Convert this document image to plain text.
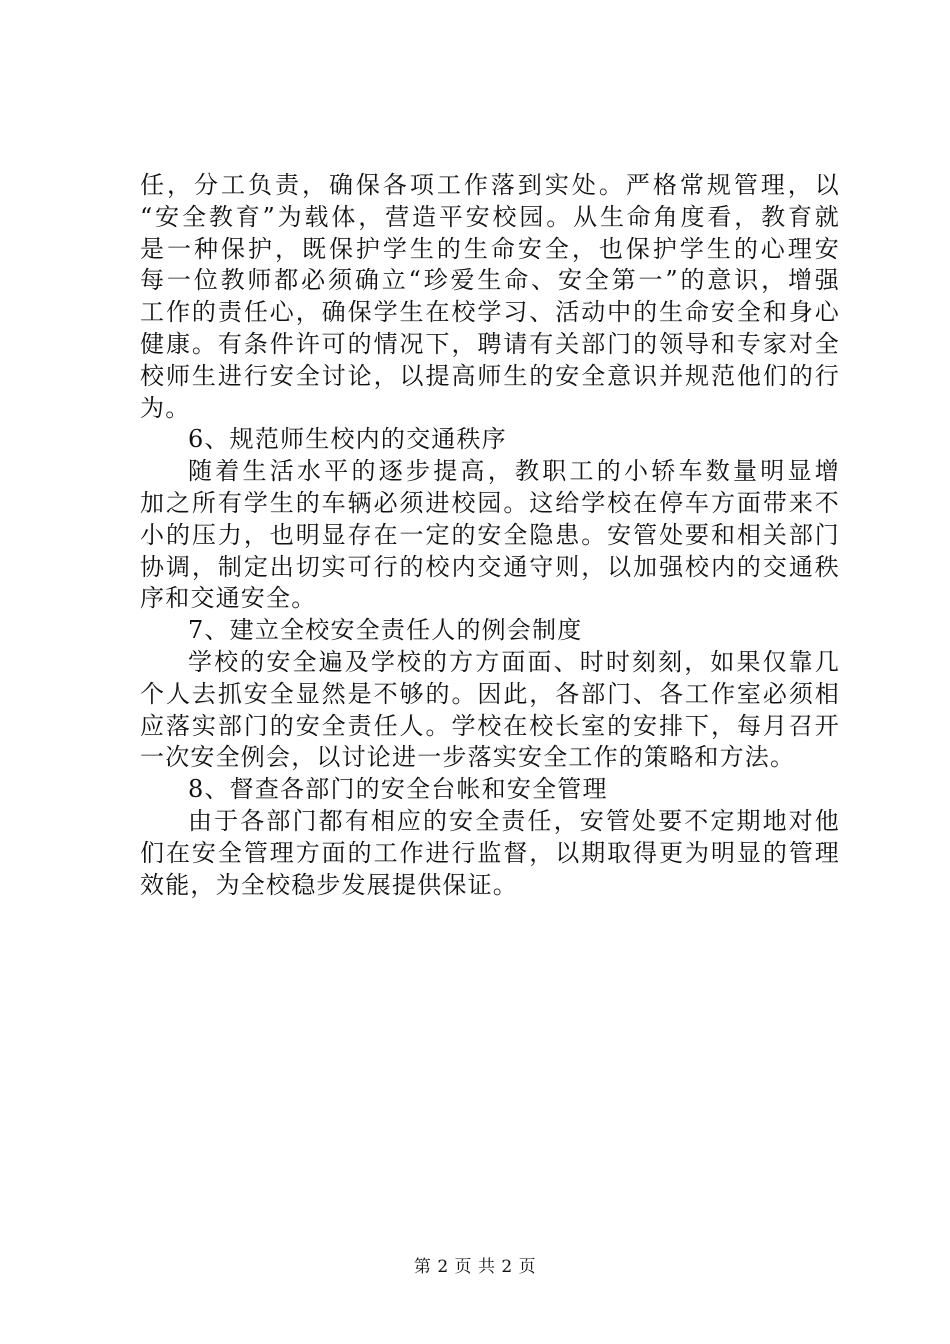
任，分工负责，确保各项工作落到实处。严格常规管理，以
“安全教育”为载体，营造平安校园。从生命角度看，教育就
是一种保护，既保护学生的生命安全，也保护学生的心理安
每一位教师都必须确立“珍爱生命、安全第一”的意识，增强
工作的责任心，确保学生在校学习、活动中的生命安全和身心
健康。有条件许可的情况下，聘请有关部门的领导和专家对全
校师生进行安全讨论，以提高师生的安全意识并规范他们的行
为。
6、规范师生校内的交通秩序
随着生活水平的逐步提高，教职工的小轿车数量明显增
加之所有学生的车辆必须进校园。这给学校在停车方面带来不
小的压力，也明显存在一定的安全隐患。安管处要和相关部门
协调，制定出切实可行的校内交通守则，以加强校内的交通秩
序和交通安全。
7、建立全校安全责任人的例会制度
学校的安全遍及学校的方方面面、时时刻刻，如果仅靠几
个人去抓安全显然是不够的。因此，各部门、各工作室必须相
应落实部门的安全责任人。学校在校长室的安排下，每月召开
一次安全例会，以讨论进一步落实安全工作的策略和方法。
8、督查各部门的安全台帐和安全管理
由于各部门都有相应的安全责任，安管处要不定期地对他
们在安全管理方面的工作进行监督，以期取得更为明显的管理
效能，为全校稳步发展提供保证。
第 2 页 共 2 页
